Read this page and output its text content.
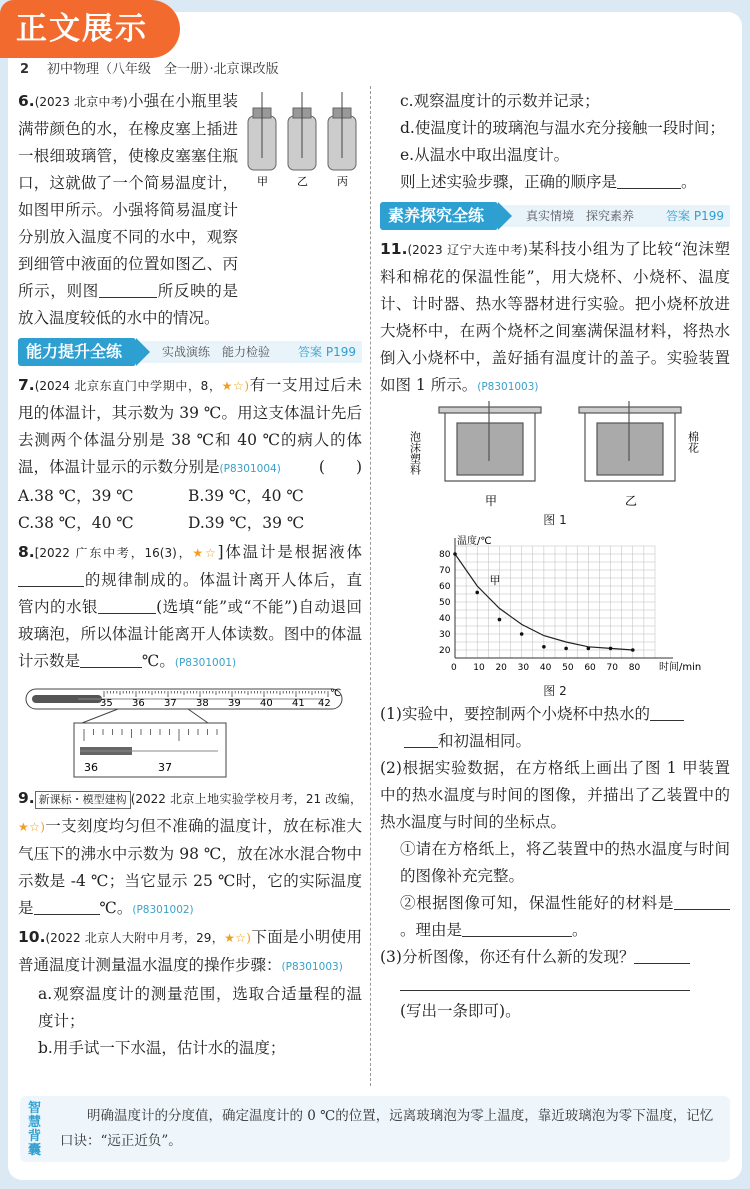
正文展示
2 初中物理（八年级　全一册）·北京课改版
甲	乙	丙

6.(2023 北京中考)小强在小瓶里装满带颜色的水，在橡皮塞上插进一根细玻璃管，使橡皮塞塞住瓶口，这就做了一个简易温度计，如图甲所示。小强将简易温度计分别放入温度不同的水中，观察到细管中液面的位置如图乙、丙所示，则图	所反映的是放入温度较低的水中的情况。

能力提升全练	实战演练　能力检验 答案 P199

7.(2024 北京东直门中学期中，8，★☆)有一支用过后未甩的体温计，其示数为 39 ℃。用这支体温计先后去测两个体温分别是 38 ℃和 40 ℃的病人的体温，体温计显示的示数分别是(P8301004) (　　)

A.38 ℃，39 ℃	B.39 ℃，40 ℃
C.38 ℃，40 ℃	D.39 ℃，39 ℃

8.[2022 广东中考，16(3)，★☆]体温计是根据液体的规律制成的。体温计离开人体后，直管内的水银	(选填“能”或“不能”)自动退回玻璃泡，所以体温计能离开人体读数。图中的体温计示数是	℃。(P8301001)

35 36 37 38 39 40 41 42
℃
36	37

9. 新课标・模型建构 (2022 北京上地实验学校月考，21 改编，★☆)一支刻度均匀但不准确的温度计，放在标准大气压下的沸水中示数为 98 ℃，放在冰水混合物中示数是 -4 ℃；当它显示 25 ℃时，它的实际温度是	℃。(P8301002)

10.(2022 北京人大附中月考，29，★☆)下面是小明使用普通温度计测量温水温度的操作步骤：(P8301003)

a.观察温度计的测量范围，选取合适量程的温度计；

b.用手试一下水温，估计水的温度；

c.观察温度计的示数并记录；

d.使温度计的玻璃泡与温水充分接触一段时间；

e.从温水中取出温度计。

则上述实验步骤，正确的顺序是	。

素养探究全练	真实情境　探究素养	答案 P199

11.(2023 辽宁大连中考)某科技小组为了比较“泡沫塑料和棉花的保温性能”，用大烧杯、小烧杯、温度计、计时器、热水等器材进行实验。把小烧杯放进大烧杯中，在两个烧杯之间塞满保温材料，将热水倒入小烧杯中，盖好插有温度计的盖子。实验装置如图 1 所示。(P8301003)

泡沫塑料	棉花
甲	乙
图 1
0 10 20 30 40 50 60 70 80
20
30
40
50
60
70
80
温度/℃
时间/min
甲
图 2

(1)实验中，要控制两个小烧杯中热水的
和初温相同。

(2)根据实验数据，在方格纸上画出了图 1 甲装置中的热水温度与时间的图像，并描出了乙装置中的热水温度与时间的坐标点。

①请在方格纸上，将乙装置中的热水温度与时间的图像补充完整。

②根据图像可知，保温性能好的材料是。理由是	。

(3)分析图像，你还有什么新的发现？

(写出一条即可)。

智慧背囊
明确温度计的分度值，确定温度计的 0 ℃的位置，远离玻璃泡为零上温度，靠近玻璃泡为零下温度，记忆口诀：“远正近负”。
